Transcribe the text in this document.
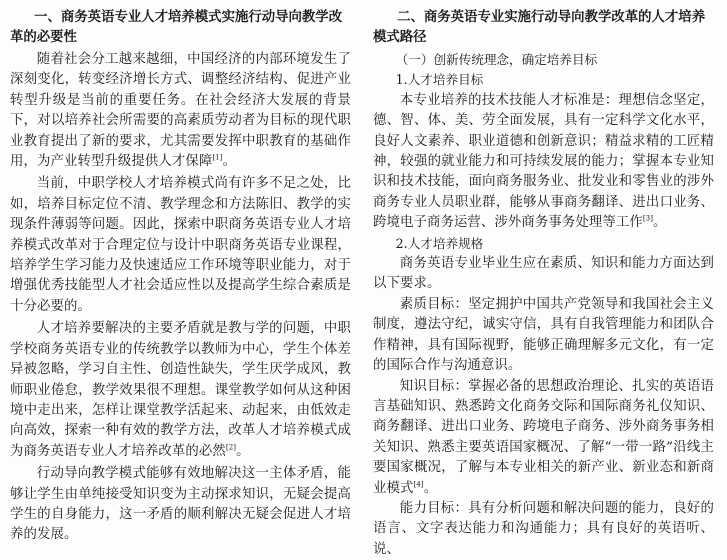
一、商务英语专业人才培养模式实施行动导向教学改革的必要性

随着社会分工越来越细，中国经济的内部环境发生了深刻变化，转变经济增长方式、调整经济结构、促进产业转型升级是当前的重要任务。在社会经济大发展的背景下，对以培养社会所需要的高素质劳动者为目标的现代职业教育提出了新的要求，尤其需要发挥中职教育的基础作用，为产业转型升级提供人才保障[1]。

当前，中职学校人才培养模式尚有许多不足之处，比如，培养目标定位不清、教学理念和方法陈旧、教学的实现条件薄弱等问题。因此，探索中职商务英语专业人才培养模式改革对于合理定位与设计中职商务英语专业课程，培养学生学习能力及快速适应工作环境等职业能力，对于增强优秀技能型人才社会适应性以及提高学生综合素质是十分必要的。

人才培养要解决的主要矛盾就是教与学的问题，中职学校商务英语专业的传统教学以教师为中心，学生个体差异被忽略，学习自主性、创造性缺失，学生厌学成风，教师职业倦怠，教学效果很不理想。课堂教学如何从这种困境中走出来，怎样让课堂教学活起来、动起来，由低效走向高效，探索一种有效的教学方法，改革人才培养模式成为商务英语专业人才培养改革的必然[2]。

行动导向教学模式能够有效地解决这一主体矛盾，能够让学生由单纯接受知识变为主动探求知识，无疑会提高学生的自身能力，这一矛盾的顺利解决无疑会促进人才培养的发展。

二、商务英语专业实施行动导向教学改革的人才培养模式路径

（一）创新传统理念，确定培养目标

1.人才培养目标

本专业培养的技术技能人才标准是：理想信念坚定，德、智、体、美、劳全面发展，具有一定科学文化水平，良好人文素养、职业道德和创新意识；精益求精的工匠精神，较强的就业能力和可持续发展的能力；掌握本专业知识和技术技能，面向商务服务业、批发业和零售业的涉外商务专业人员职业群，能够从事商务翻译、进出口业务、跨境电子商务运营、涉外商务事务处理等工作[3]。

2.人才培养规格

商务英语专业毕业生应在素质、知识和能力方面达到以下要求。

素质目标：坚定拥护中国共产党领导和我国社会主义制度，遵法守纪，诚实守信，具有自我管理能力和团队合作精神，具有国际视野，能够正确理解多元文化，有一定的国际合作与沟通意识。

知识目标：掌握必备的思想政治理论、扎实的英语语言基础知识、熟悉跨文化商务交际和国际商务礼仪知识、商务翻译、进出口业务、跨境电子商务、涉外商务事务相关知识、熟悉主要英语国家概况、了解“一带一路”沿线主要国家概况，了解与本专业相关的新产业、新业态和新商业模式[4]。

能力目标：具有分析问题和解决问题的能力，良好的语言、文字表达能力和沟通能力；具有良好的英语听、说、
